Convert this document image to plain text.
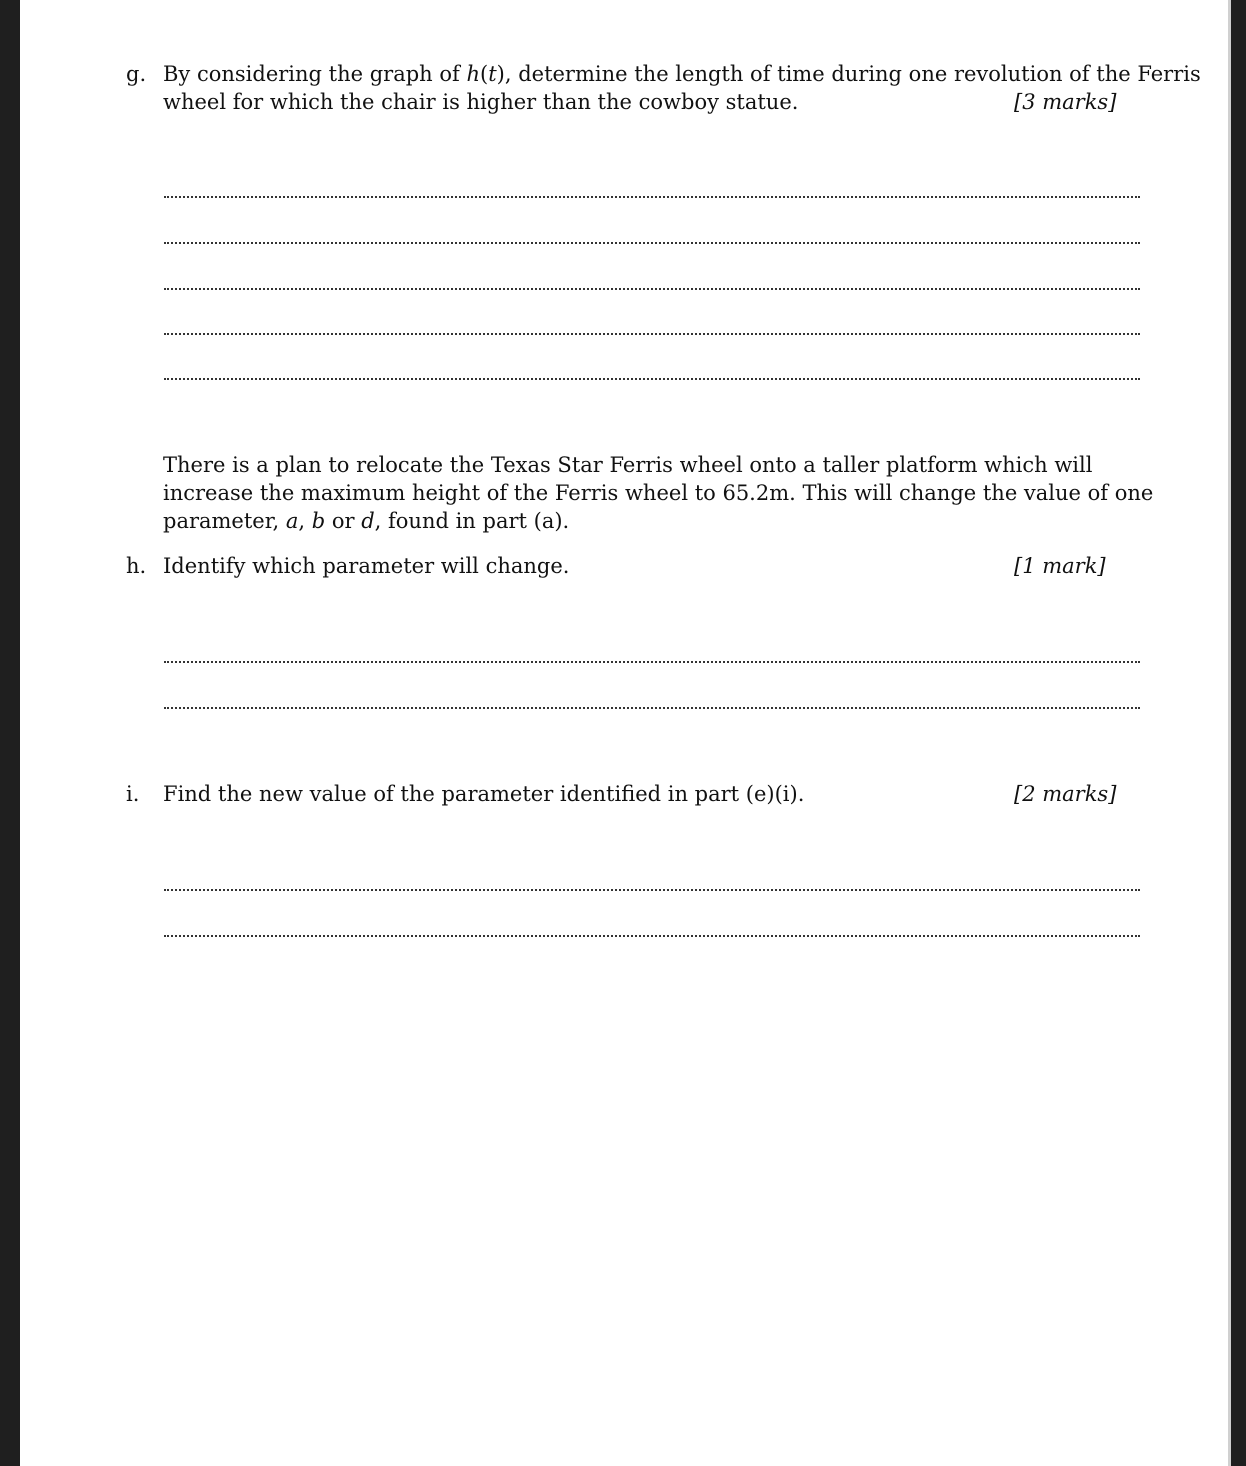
g. By considering the graph of h(t), determine the length of time during one revolution of the Ferris
wheel for which the chair is higher than the cowboy statue.	[3 marks]
There is a plan to relocate the Texas Star Ferris wheel onto a taller platform which will
increase the maximum height of the Ferris wheel to 65.2m. This will change the value of one
parameter, a, b or d, found in part (a).
h. Identify which parameter will change.	[1 mark]
i. Find the new value of the parameter identified in part (e)(i).	[2 marks]
